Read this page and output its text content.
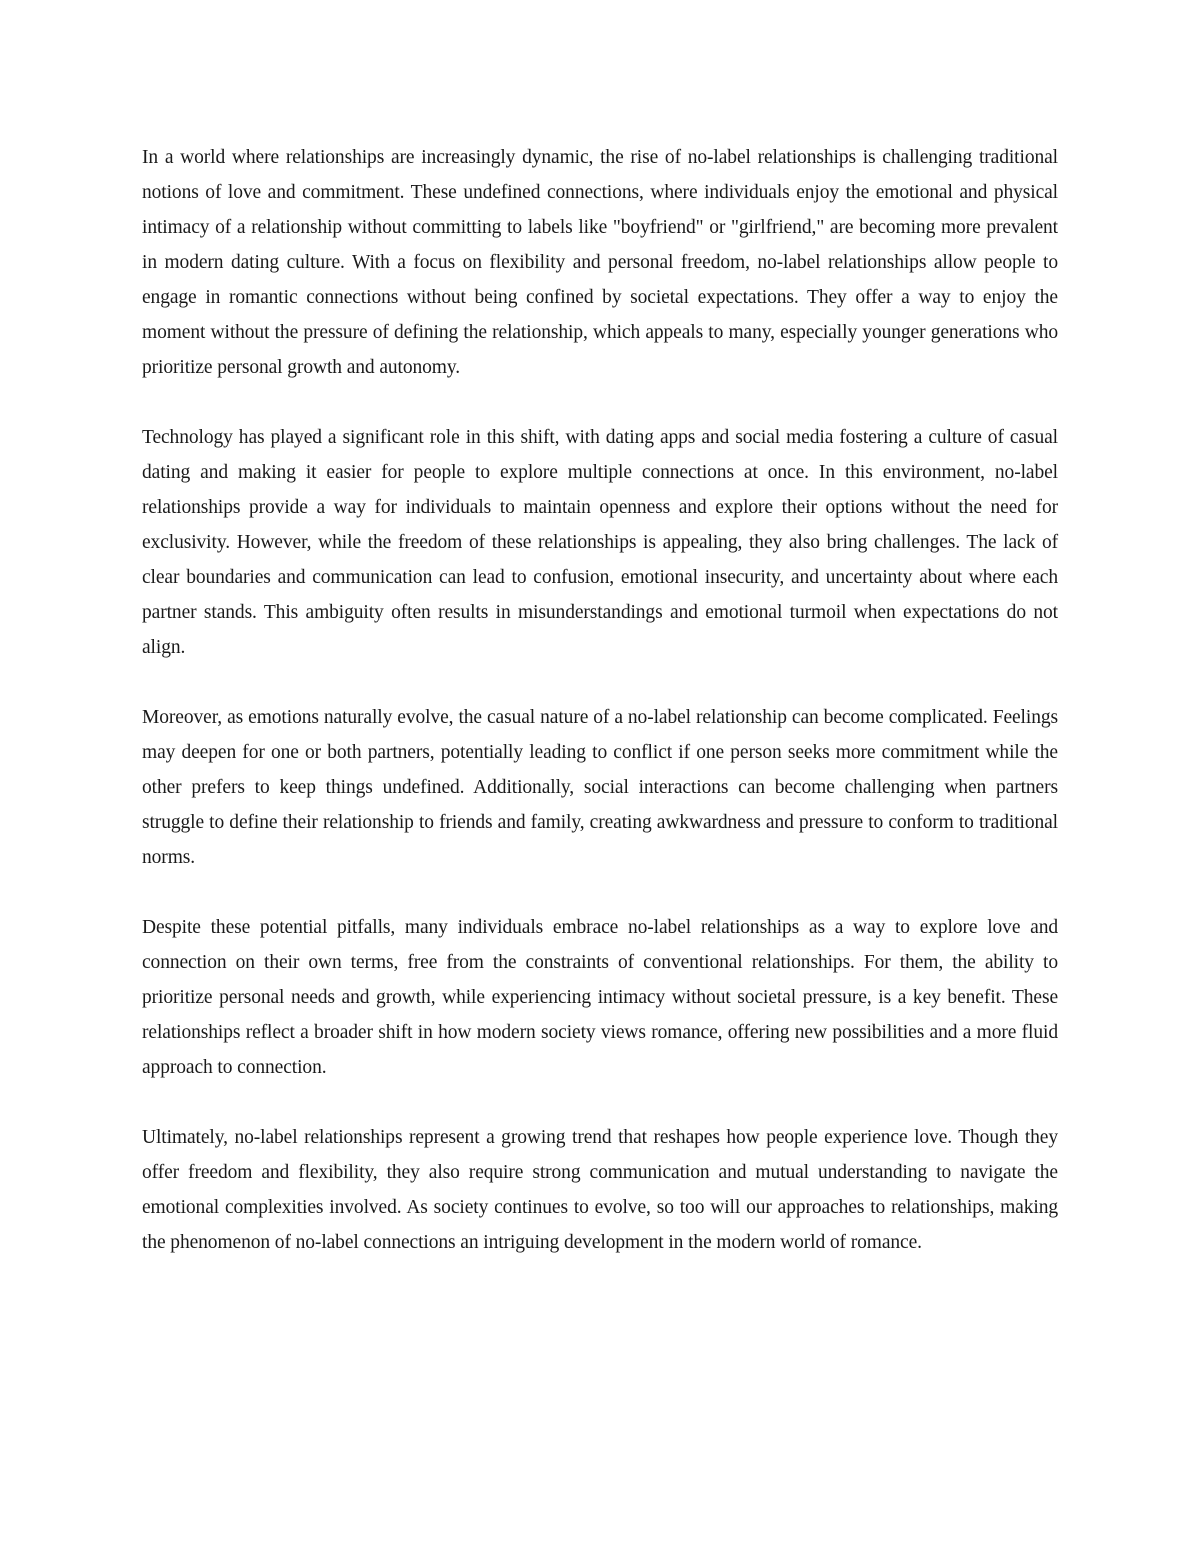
In a world where relationships are increasingly dynamic, the rise of no-label relationships is challenging traditional notions of love and commitment. These undefined connections, where individuals enjoy the emotional and physical intimacy of a relationship without committing to labels like "boyfriend" or "girlfriend," are becoming more prevalent in modern dating culture. With a focus on flexibility and personal freedom, no-label relationships allow people to engage in romantic connections without being confined by societal expectations. They offer a way to enjoy the moment without the pressure of defining the relationship, which appeals to many, especially younger generations who prioritize personal growth and autonomy.

Technology has played a significant role in this shift, with dating apps and social media fostering a culture of casual dating and making it easier for people to explore multiple connections at once. In this environment, no-label relationships provide a way for individuals to maintain openness and explore their options without the need for exclusivity. However, while the freedom of these relationships is appealing, they also bring challenges. The lack of clear boundaries and communication can lead to confusion, emotional insecurity, and uncertainty about where each partner stands. This ambiguity often results in misunderstandings and emotional turmoil when expectations do not align.

Moreover, as emotions naturally evolve, the casual nature of a no-label relationship can become complicated. Feelings may deepen for one or both partners, potentially leading to conflict if one person seeks more commitment while the other prefers to keep things undefined. Additionally, social interactions can become challenging when partners struggle to define their relationship to friends and family, creating awkwardness and pressure to conform to traditional norms.

Despite these potential pitfalls, many individuals embrace no-label relationships as a way to explore love and connection on their own terms, free from the constraints of conventional relationships. For them, the ability to prioritize personal needs and growth, while experiencing intimacy without societal pressure, is a key benefit. These relationships reflect a broader shift in how modern society views romance, offering new possibilities and a more fluid approach to connection.

Ultimately, no-label relationships represent a growing trend that reshapes how people experience love. Though they offer freedom and flexibility, they also require strong communication and mutual understanding to navigate the emotional complexities involved. As society continues to evolve, so too will our approaches to relationships, making the phenomenon of no-label connections an intriguing development in the modern world of romance.
